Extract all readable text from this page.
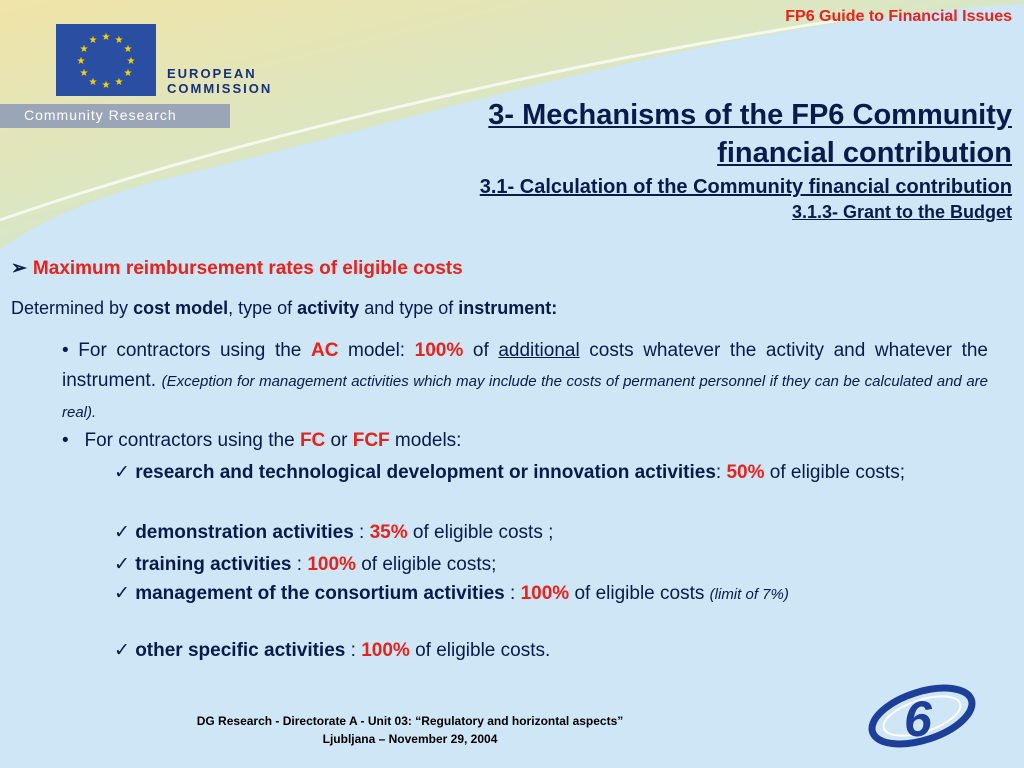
FP6 Guide to Financial Issues
★ ★
★
★
★
★
★
★
★
★
★
★
EUROPEAN
COMMISSION
Community Research	3- Mechanisms of the FP6 Community
financial contribution
3.1- Calculation of the Community financial contribution
3.1.3- Grant to the Budget
➢ Maximum reimbursement rates of eligible costs
Determined by cost model, type of activity and type of instrument:
• For contractors using the AC model: 100% of additional costs whatever the activity and whatever the instrument. (Exception for management activities which may include the costs of permanent personnel if they can be calculated and are real).
• For contractors using the FC or FCF models:
✓ research and technological development or innovation activities: 50% of eligible costs;
✓ demonstration activities : 35% of eligible costs ;
✓ training activities : 100% of eligible costs;
✓ management of the consortium activities : 100% of eligible costs (limit of 7%)
✓ other specific activities : 100% of eligible costs.
DG Research - Directorate A - Unit 03: “Regulatory and horizontal aspects”
Ljubljana – November 29, 2004	6
